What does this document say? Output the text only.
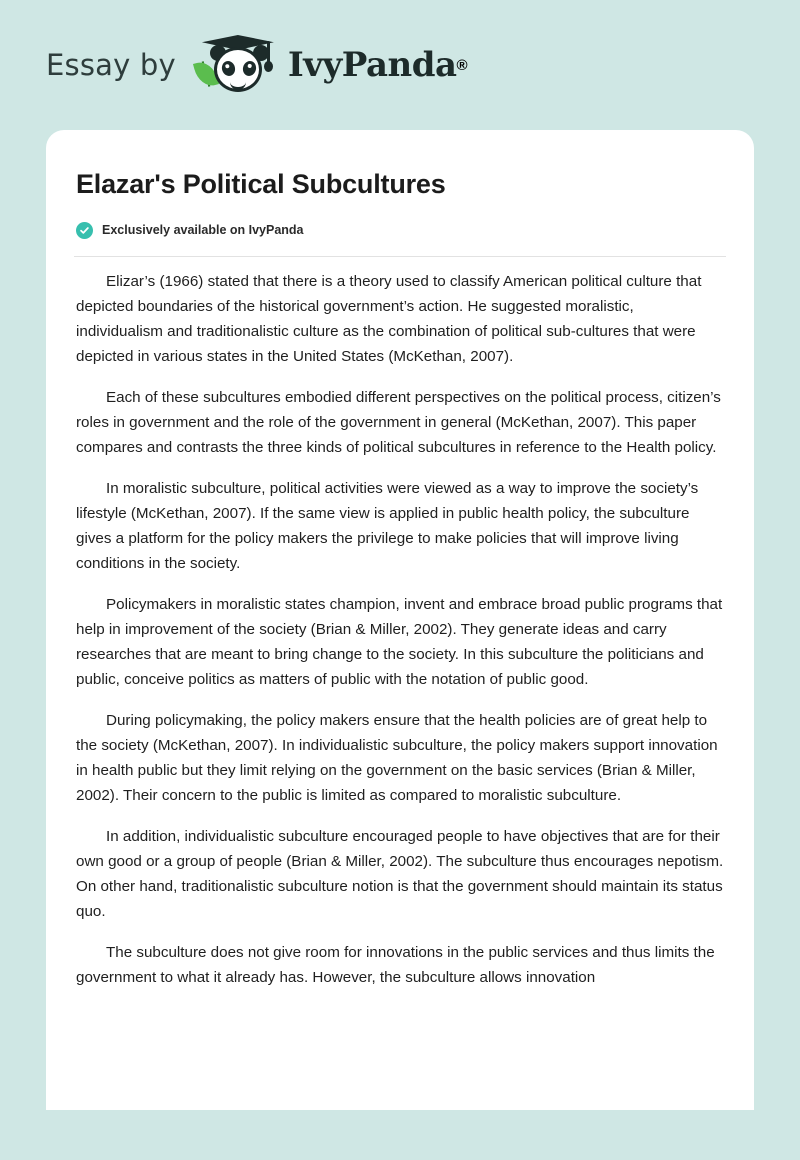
Essay by	IvyPanda ®
Elazar's Political Subcultures
Exclusively available on IvyPanda

Elizar’s (1966) stated that there is a theory used to classify American political culture that depicted boundaries of the historical government’s action. He suggested moralistic, individualism and traditionalistic culture as the combination of political sub-cultures that were depicted in various states in the United States (McKethan, 2007).

Each of these subcultures embodied different perspectives on the political process, citizen’s roles in government and the role of the government in general (McKethan, 2007). This paper compares and contrasts the three kinds of political subcultures in reference to the Health policy.

In moralistic subculture, political activities were viewed as a way to improve the society’s lifestyle (McKethan, 2007). If the same view is applied in public health policy, the subculture gives a platform for the policy makers the privilege to make policies that will improve living conditions in the society.

Policymakers in moralistic states champion, invent and embrace broad public programs that help in improvement of the society (Brian & Miller, 2002). They generate ideas and carry researches that are meant to bring change to the society. In this subculture the politicians and public, conceive politics as matters of public with the notation of public good.

During policymaking, the policy makers ensure that the health policies are of great help to the society (McKethan, 2007). In individualistic subculture, the policy makers support innovation in health public but they limit relying on the government on the basic services (Brian & Miller, 2002). Their concern to the public is limited as compared to moralistic subculture.

In addition, individualistic subculture encouraged people to have objectives that are for their own good or a group of people (Brian & Miller, 2002). The subculture thus encourages nepotism. On other hand, traditionalistic subculture notion is that the government should maintain its status quo.

The subculture does not give room for innovations in the public services and thus limits the government to what it already has. However, the subculture allows innovation
